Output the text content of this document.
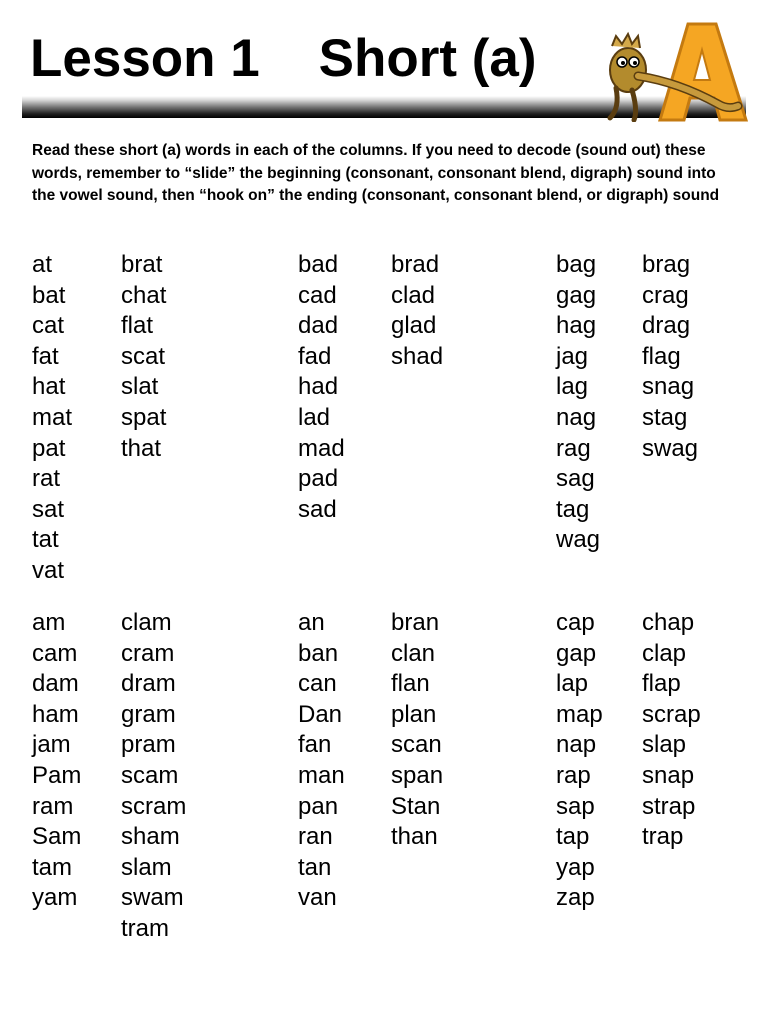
Lesson 1    Short (a)

Read these short (a) words in each of the columns. If you need to decode (sound out) these words, remember to “slide” the beginning (consonant, consonant blend, digraph) sound into the vowel sound, then “hook on” the ending (consonant, consonant blend, or digraph) sound

at
bat
cat
fat
hat
mat
pat
rat
sat
tat
vat
brat
chat
flat
scat
slat
spat
that
bad
cad
dad
fad
had
lad
mad
pad
sad
brad
clad
glad
shad
bag
gag
hag
jag
lag
nag
rag
sag
tag
wag
brag
crag
drag
flag
snag
stag
swag
am
cam
dam
ham
jam
Pam
ram
Sam
tam
yam
clam
cram
dram
gram
pram
scam
scram
sham
slam
swam
tram
an
ban
can
Dan
fan
man
pan
ran
tan
van
bran
clan
flan
plan
scan
span
Stan
than
cap
gap
lap
map
nap
rap
sap
tap
yap
zap
chap
clap
flap
scrap
slap
snap
strap
trap
